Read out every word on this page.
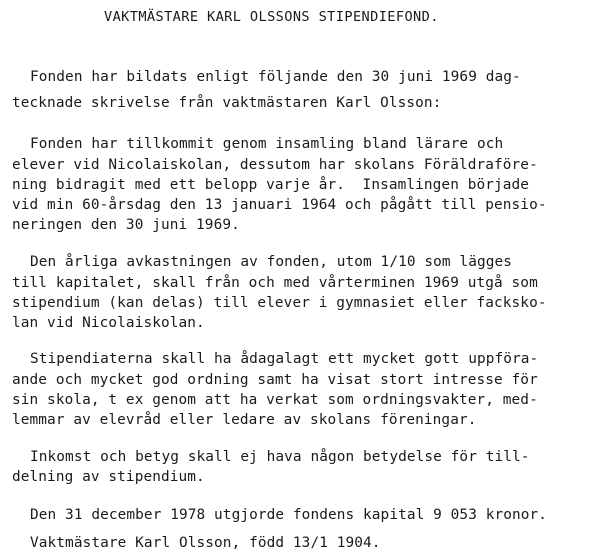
VAKTMÄSTARE KARL OLSSONS STIPENDIEFOND.
Fonden har bildats enligt följande den 30 juni 1969 dag-
tecknade skrivelse från vaktmästaren Karl Olsson:
Fonden har tillkommit genom insamling bland lärare och
elever vid Nicolaiskolan, dessutom har skolans Föräldraföre-
ning bidragit med ett belopp varje år.  Insamlingen började
vid min 60-årsdag den 13 januari 1964 och pågått till pensio-
neringen den 30 juni 1969.
Den årliga avkastningen av fonden, utom 1/10 som lägges
till kapitalet, skall från och med vårterminen 1969 utgå som
stipendium (kan delas) till elever i gymnasiet eller fackskо-
lan vid Nicolaiskolan.
Stipendiaterna skall ha ådagalagt ett mycket gott uppföra-
ande och mycket god ordning samt ha visat stort intresse för
sin skola, t ex genom att ha verkat som ordningsvakter, med-
lemmar av elevråd eller ledare av skolans föreningar.
Inkomst och betyg skall ej hava någon betydelse för till-
delning av stipendium.
Den 31 december 1978 utgjorde fondens kapital 9 053 kronor.
Vaktmästare Karl Olsson, född 13/1 1904.
